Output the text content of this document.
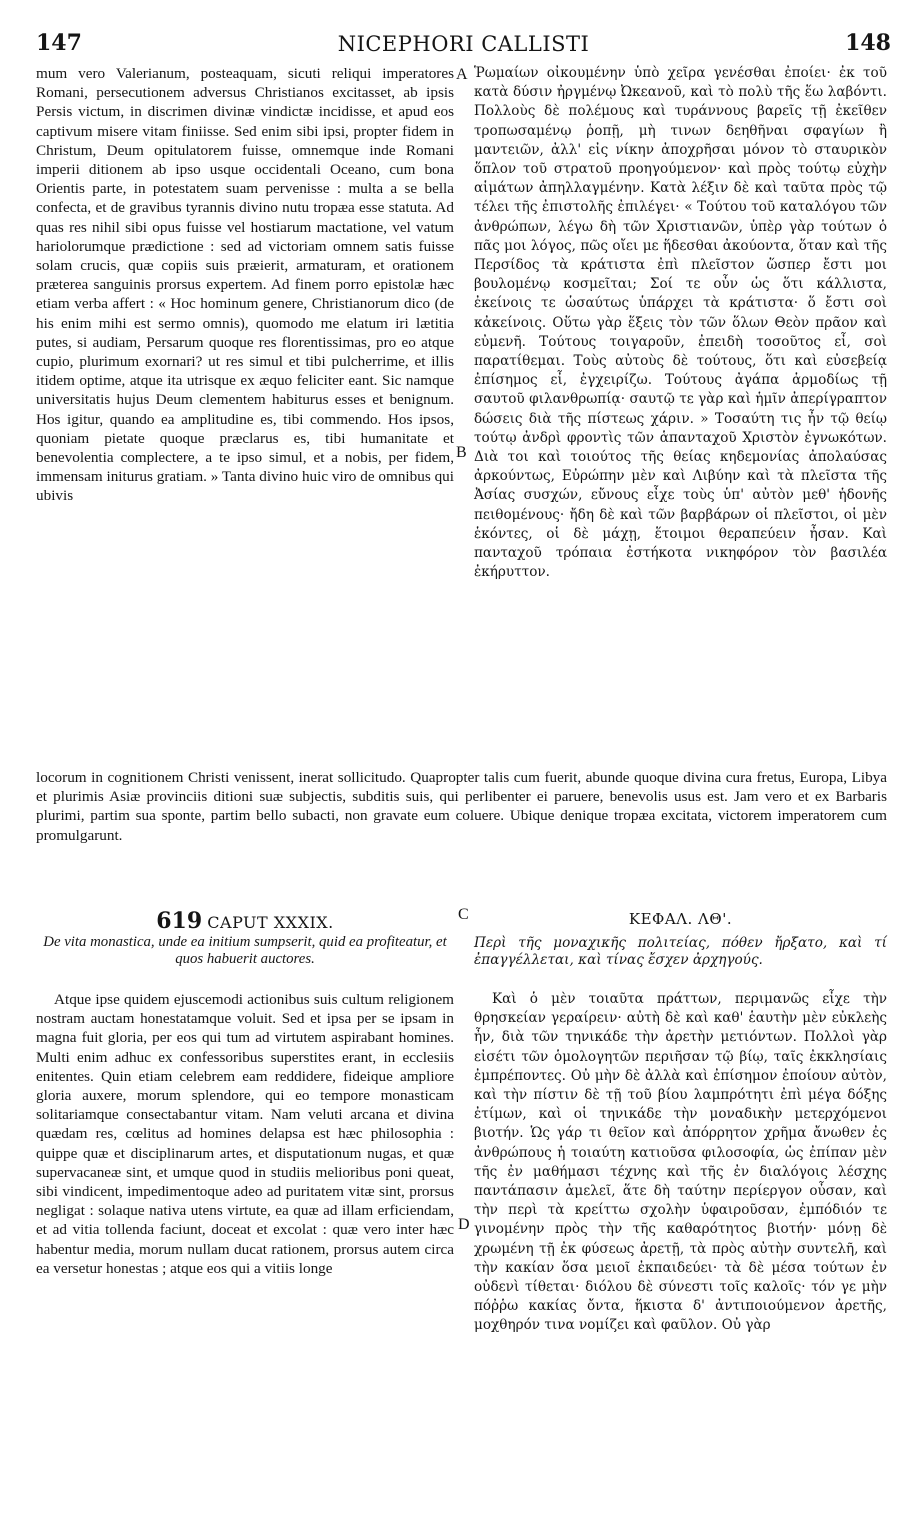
147	NICEPHORI CALLISTI	148

mum vero Valerianum, posteaquam, sicuti reliqui imperatores Romani, persecutionem adversus Christianos excitasset, ab ipsis Persis victum, in discrimen divinæ vindictæ incidisse, et apud eos captivum misere vitam finiisse. Sed enim sibi ipsi, propter fidem in Christum, Deum opitulatorem fuisse, omnemque inde Romani imperii ditionem ab ipso usque occidentali Oceano, cum bona Orientis parte, in potestatem suam pervenisse : multa a se bella confecta, et de gravibus tyrannis divino nutu tropæa esse statuta. Ad quas res nihil sibi opus fuisse vel hostiarum mactatione, vel vatum hariolorumque prædictione : sed ad victoriam omnem satis fuisse solam crucis, quæ copiis suis præierit, armaturam, et orationem præterea sanguinis prorsus expertem. Ad finem porro epistolæ hæc etiam verba affert : « Hoc hominum genere, Christianorum dico (de his enim mihi est sermo omnis), quomodo me elatum iri lætitia putes, si audiam, Persarum quoque res florentissimas, pro eo atque cupio, plurimum exornari? ut res simul et tibi pulcherrime, et illis itidem optime, atque ita utrisque ex æquo feliciter eant. Sic namque universitatis hujus Deum clementem habiturus esses et benignum. Hos igitur, quando ea amplitudine es, tibi commendo. Hos ipsos, quoniam pietate quoque præclarus es, tibi humanitate et benevolentia complectere, a te ipso simul, et a nobis, per fidem, immensam initurus gratiam. » Tanta divino huic viro de omnibus qui ubivis

A
B

Ῥωμαίων οἰκουμένην ὑπὸ χεῖρα γενέσθαι ἐποίει· ἐκ τοῦ κατὰ δύσιν ἠργμένῳ Ὠκεανοῦ, καὶ τὸ πολὺ τῆς ἕω λαβόντι. Πολλοὺς δὲ πολέμους καὶ τυράννους βαρεῖς τῇ ἐκεῖθεν τροπωσαμένῳ ῥοπῇ, μὴ τινων δεηθῆναι σφαγίων ἢ μαντειῶν, ἀλλ' εἰς νίκην ἀποχρῆσαι μόνον τὸ σταυρικὸν ὅπλον τοῦ στρατοῦ προηγούμενον· καὶ πρὸς τούτῳ εὐχὴν αἱμάτων ἀπηλλαγμένην. Κατὰ λέξιν δὲ καὶ ταῦτα πρὸς τῷ τέλει τῆς ἐπιστολῆς ἐπιλέγει· « Τούτου τοῦ καταλόγου τῶν ἀνθρώπων, λέγω δὴ τῶν Χριστιανῶν, ὑπὲρ γὰρ τούτων ὁ πᾶς μοι λόγος, πῶς οἴει με ἥδεσθαι ἀκούοντα, ὅταν καὶ τῆς Περσίδος τὰ κράτιστα ἐπὶ πλεῖστον ὥσπερ ἔστι μοι βουλομένῳ κοσμεῖται; Σοί τε οὖν ὡς ὅτι κάλλιστα, ἐκείνοις τε ὡσαύτως ὑπάρχει τὰ κράτιστα· ὅ ἔστι σοὶ κἀκείνοις. Οὕτω γὰρ ἕξεις τὸν τῶν ὅλων Θεὸν πρᾶον καὶ εὐμενῆ. Τούτους τοιγαροῦν, ἐπειδὴ τοσοῦτος εἶ, σοὶ παρατίθεμαι. Τοὺς αὐτοὺς δὲ τούτους, ὅτι καὶ εὐσεβείᾳ ἐπίσημος εἶ, ἐγχειρίζω. Τούτους ἀγάπα ἁρμοδίως τῇ σαυτοῦ φιλανθρωπίᾳ· σαυτῷ τε γὰρ καὶ ἡμῖν ἀπερίγραπτον δώσεις διὰ τῆς πίστεως χάριν. » Τοσαύτη τις ἦν τῷ θείῳ τούτῳ ἀνδρὶ φροντὶς τῶν ἁπανταχοῦ Χριστὸν ἐγνωκότων. Διὰ τοι καὶ τοιούτος τῆς θείας κηδεμονίας ἀπολαύσας ἀρκούντως, Εὐρώπην μὲν καὶ Λιβύην καὶ τὰ πλεῖστα τῆς Ἀσίας συσχών, εὔνους εἶχε τοὺς ὑπ' αὐτὸν μεθ' ἡδονῆς πειθομένους· ἤδη δὲ καὶ τῶν βαρβάρων οἱ πλεῖστοι, οἱ μὲν ἑκόντες, οἱ δὲ μάχῃ, ἕτοιμοι θεραπεύειν ἦσαν. Καὶ πανταχοῦ τρόπαια ἐστήκοτα νικηφόρον τὸν βασιλέα ἐκήρυττον.

locorum in cognitionem Christi venissent, inerat sollicitudo. Quapropter talis cum fuerit, abunde quoque divina cura fretus, Europa, Libya et plurimis Asiæ provinciis ditioni suæ subjectis, subditis suis, qui perlibenter ei paruere, benevolis usus est. Jam vero et ex Barbaris plurimi, partim sua sponte, partim bello subacti, non gravate eum coluere. Ubique denique tropæa excitata, victorem imperatorem cum promulgarunt.

619 CAPUT XXXIX.
De vita monastica, unde ea initium sumpserit, quid ea profiteatur, et quos habuerit auctores.
C	ΚΕΦΑΛ. ΛΘ'.
Περὶ τῆς μοναχικῆς πολιτείας, πόθεν ἤρξατο, καὶ τί ἐπαγγέλλεται, καὶ τίνας ἔσχεν ἀρχηγούς.

Atque ipse quidem ejuscemodi actionibus suis cultum religionem nostram auctam honestatamque voluit. Sed et ipsa per se ipsam in magna fuit gloria, per eos qui tum ad virtutem aspirabant homines. Multi enim adhuc ex confessoribus superstites erant, in ecclesiis enitentes. Quin etiam celebrem eam reddidere, fideique ampliore gloria auxere, morum splendore, qui eo tempore monasticam solitariamque consectabantur vitam. Nam veluti arcana et divina quædam res, cœlitus ad homines delapsa est hæc philosophia : quippe quæ et disciplinarum artes, et disputationum nugas, et quæ supervacaneæ sint, et umque quod in studiis melioribus poni queat, sibi vindicent, impedimentoque adeo ad puritatem vitæ sint, prorsus negligat : solaque nativa utens virtute, ea quæ ad illam erficiendam, et ad vitia tollenda faciunt, doceat et excolat : quæ vero inter hæc habentur media, morum nullam ducat rationem, prorsus autem circa ea versetur honestas ; atque eos qui a vitiis longe

D

Καὶ ὁ μὲν τοιαῦτα πράττων, περιμανῶς εἶχε τὴν θρησκείαν γεραίρειν· αὐτὴ δὲ καὶ καθ' ἑαυτὴν μὲν εὐκλεὴς ἦν, διὰ τῶν τηνικάδε τὴν ἀρετὴν μετιόντων. Πολλοὶ γὰρ εἰσέτι τῶν ὁμολογητῶν περιῆσαν τῷ βίῳ, ταῖς ἐκκλησίαις ἐμπρέποντες. Οὐ μὴν δὲ ἀλλὰ καὶ ἐπίσημον ἐποίουν αὐτὸν, καὶ τὴν πίστιν δὲ τῇ τοῦ βίου λαμπρότητι ἐπὶ μέγα δόξης ἐτίμων, καὶ οἱ τηνικάδε τὴν μοναδικὴν μετερχόμενοι βιοτήν. Ὡς γάρ τι θεῖον καὶ ἀπόρρητον χρῆμα ἄνωθεν ἐς ἀνθρώπους ἡ τοιαύτη κατιοῦσα φιλοσοφία, ὡς ἐπίπαν μὲν τῆς ἐν μαθήμασι τέχνης καὶ τῆς ἐν διαλόγοις λέσχης παντάπασιν ἀμελεῖ, ἅτε δὴ ταύτην περίεργον οὖσαν, καὶ τὴν περὶ τὰ κρείττω σχολὴν ὑφαιροῦσαν, ἐμπόδιόν τε γινομένην πρὸς τὴν τῆς καθαρότητος βιοτήν· μόνῃ δὲ χρωμένη τῇ ἐκ φύσεως ἀρετῇ, τὰ πρὸς αὐτὴν συντελῆ, καὶ τὴν κακίαν ὅσα μειοῖ ἐκπαιδεύει· τὰ δὲ μέσα τούτων ἐν οὐδενὶ τίθεται· διόλου δὲ σύνεστι τοῖς καλοῖς· τόν γε μὴν πόῤῥω κακίας ὄντα, ἥκιστα δ' ἀντιποιούμενον ἀρετῆς, μοχθηρόν τινα νομίζει καὶ φαῦλον. Οὐ γὰρ
